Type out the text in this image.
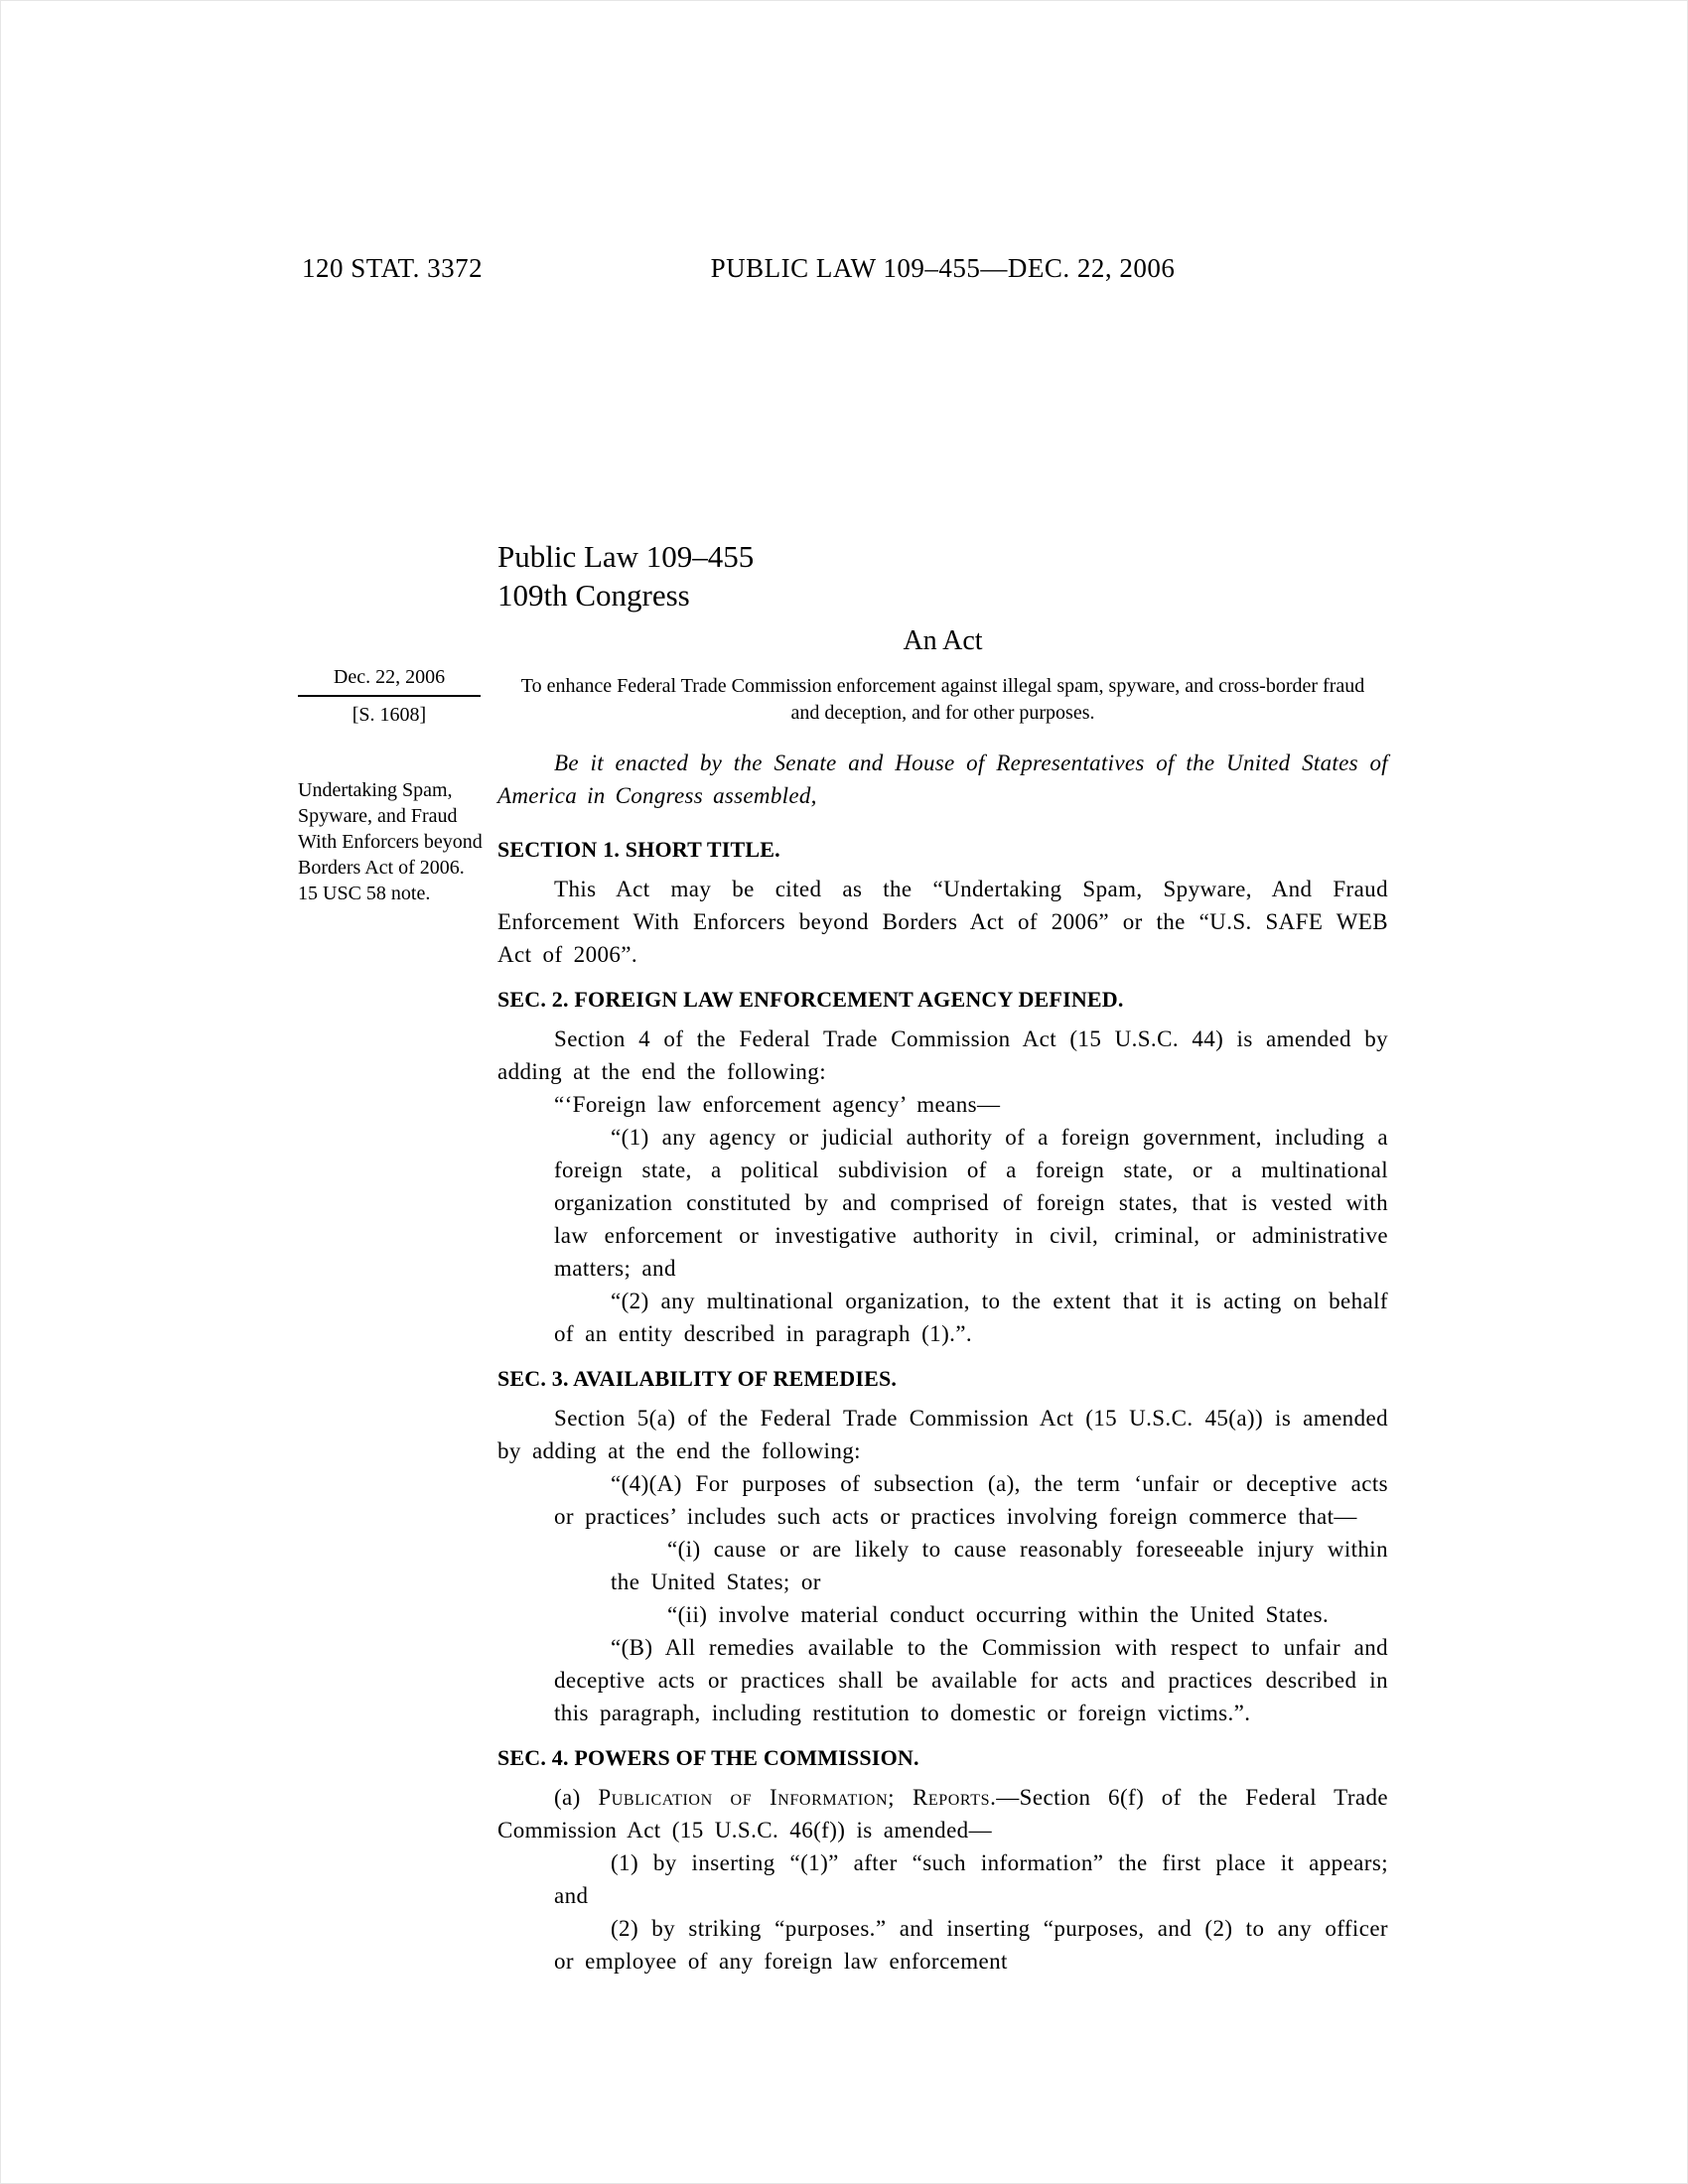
120 STAT. 3372	PUBLIC LAW 109–455—DEC. 22, 2006
Dec. 22, 2006
[S. 1608]

Undertaking Spam, Spyware, and Fraud With Enforcers beyond Borders Act of 2006.

15 USC 58 note.

Public Law 109–455
109th Congress
An Act
To enhance Federal Trade Commission enforcement against illegal spam, spyware, and cross-border fraud and deception, and for other purposes.

Be it enacted by the Senate and House of Representatives of the United States of America in Congress assembled,

SECTION 1. SHORT TITLE.

This Act may be cited as the “Undertaking Spam, Spyware, And Fraud Enforcement With Enforcers beyond Borders Act of 2006” or the “U.S. SAFE WEB Act of 2006”.

SEC. 2. FOREIGN LAW ENFORCEMENT AGENCY DEFINED.

Section 4 of the Federal Trade Commission Act (15 U.S.C. 44) is amended by adding at the end the following:

“‘Foreign law enforcement agency’ means—

“(1) any agency or judicial authority of a foreign government, including a foreign state, a political subdivision of a foreign state, or a multinational organization constituted by and comprised of foreign states, that is vested with law enforcement or investigative authority in civil, criminal, or administrative matters; and

“(2) any multinational organization, to the extent that it is acting on behalf of an entity described in paragraph (1).”.

SEC. 3. AVAILABILITY OF REMEDIES.

Section 5(a) of the Federal Trade Commission Act (15 U.S.C. 45(a)) is amended by adding at the end the following:

“(4)(A) For purposes of subsection (a), the term ‘unfair or deceptive acts or practices’ includes such acts or practices involving foreign commerce that—

“(i) cause or are likely to cause reasonably foreseeable injury within the United States; or

“(ii) involve material conduct occurring within the United States.

“(B) All remedies available to the Commission with respect to unfair and deceptive acts or practices shall be available for acts and practices described in this paragraph, including restitution to domestic or foreign victims.”.

SEC. 4. POWERS OF THE COMMISSION.

(a) Publication of Information; Reports.—Section 6(f) of the Federal Trade Commission Act (15 U.S.C. 46(f)) is amended—

(1) by inserting “(1)” after “such information” the first place it appears; and

(2) by striking “purposes.” and inserting “purposes, and (2) to any officer or employee of any foreign law enforcement
